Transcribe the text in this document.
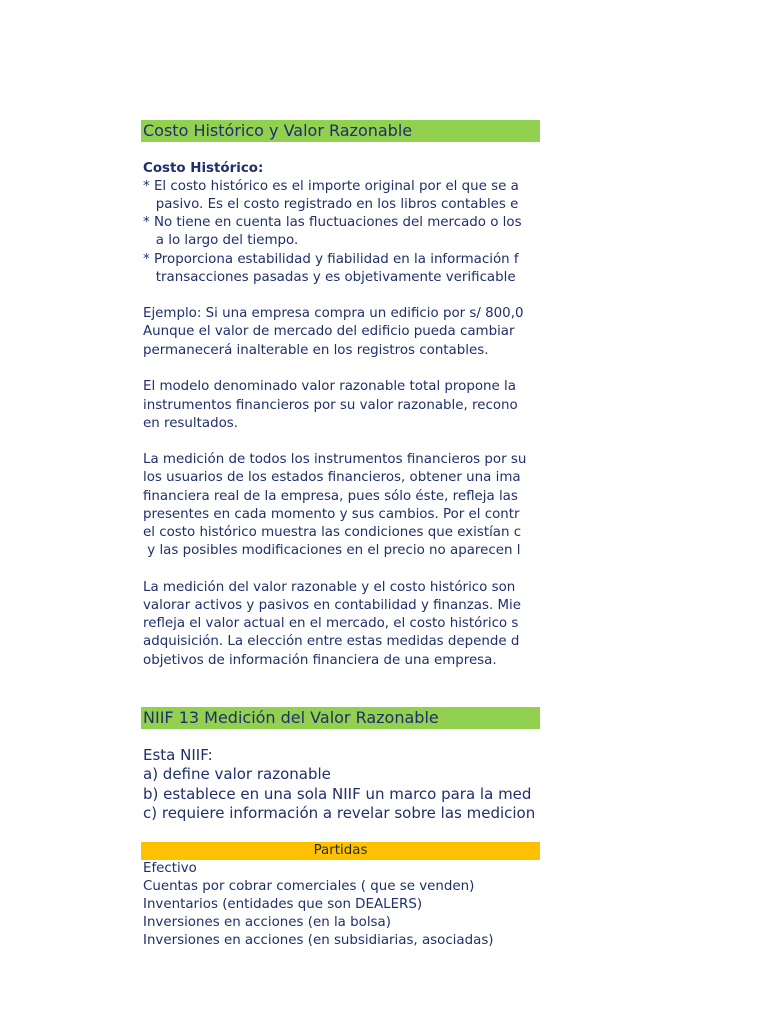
Costo Histórico y Valor Razonable
Costo Histórico:
* El costo histórico es el importe original por el que se a
pasivo. Es el costo registrado en los libros contables e
* No tiene en cuenta las fluctuaciones del mercado o los
a lo largo del tiempo.
* Proporciona estabilidad y fiabilidad en la información f
transacciones pasadas y es objetivamente verificable
Ejemplo: Si una empresa compra un edificio por s/ 800,0
Aunque el valor de mercado del edificio pueda cambiar
permanecerá inalterable en los registros contables.
El modelo denominado valor razonable total propone la
instrumentos financieros por su valor razonable, recono
en resultados.
La medición de todos los instrumentos financieros por su
los usuarios de los estados financieros, obtener una ima
financiera real de la empresa, pues sólo éste, refleja las
presentes en cada momento y sus cambios. Por el contr
el costo histórico muestra las condiciones que existían c
y las posibles modificaciones en el precio no aparecen l
La medición del valor razonable y el costo histórico son
valorar activos y pasivos en contabilidad y finanzas. Mie
refleja el valor actual en el mercado, el costo histórico s
adquisición. La elección entre estas medidas depende d
objetivos de información financiera de una empresa.
NIIF 13 Medición del Valor Razonable
Esta NIIF:
a) define valor razonable
b) establece en una sola NIIF un marco para la med
c) requiere información a revelar sobre las medicion
Partidas
Efectivo
Cuentas por cobrar comerciales ( que se venden)
Inventarios (entidades que son DEALERS)
Inversiones en acciones (en la bolsa)
Inversiones en acciones (en subsidiarias, asociadas)
